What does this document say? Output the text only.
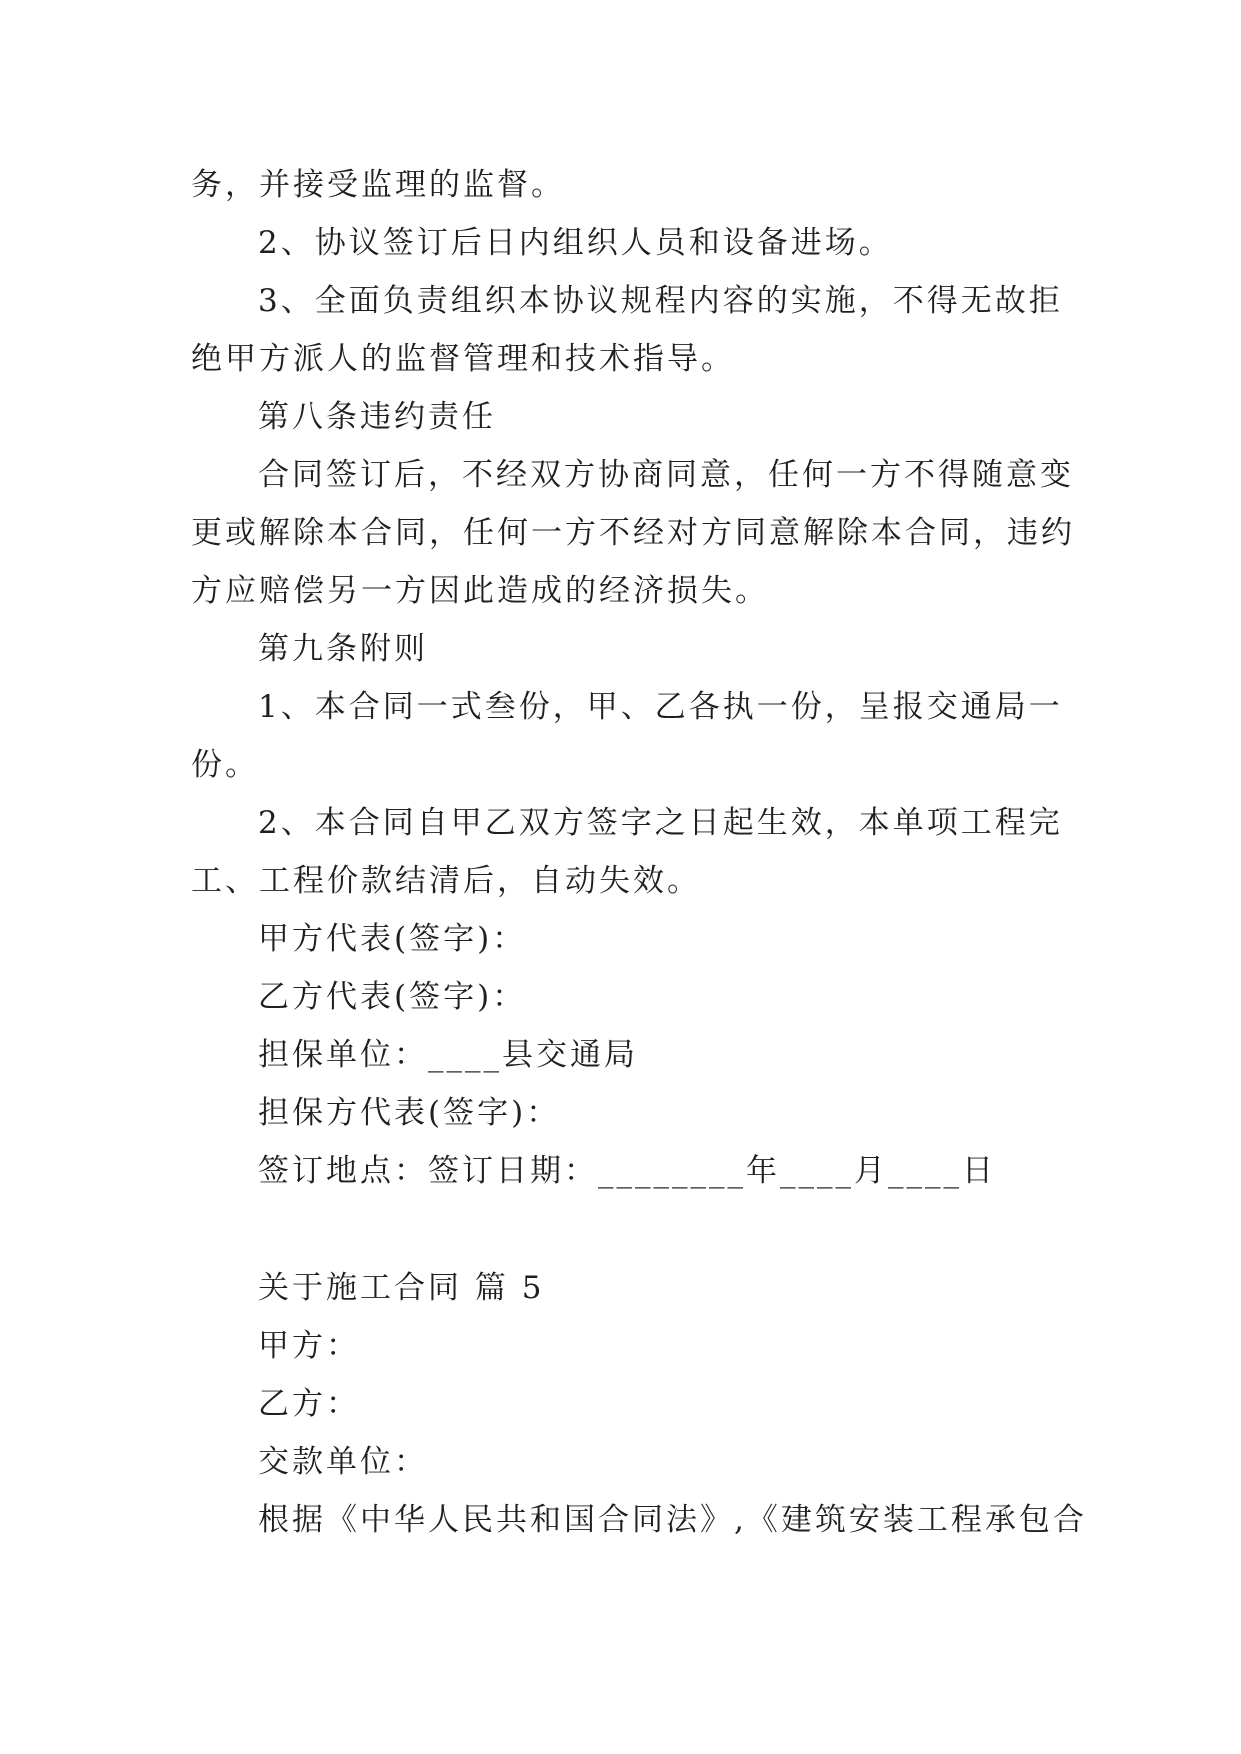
务，并接受监理的监督。
2、协议签订后日内组织人员和设备进场。
3、全面负责组织本协议规程内容的实施，不得无故拒
绝甲方派人的监督管理和技术指导。
第八条违约责任
合同签订后，不经双方协商同意，任何一方不得随意变
更或解除本合同，任何一方不经对方同意解除本合同，违约
方应赔偿另一方因此造成的经济损失。
第九条附则
1、本合同一式叁份，甲、乙各执一份，呈报交通局一
份。
2、本合同自甲乙双方签字之日起生效，本单项工程完
工、工程价款结清后，自动失效。
甲方代表(签字)：
乙方代表(签字)：
担保单位：____县交通局
担保方代表(签字)：
签订地点：签订日期：________年____月____日
关于施工合同 篇 5
甲方：
乙方：
交款单位：
根据《中华人民共和国合同法》,《建筑安装工程承包合
